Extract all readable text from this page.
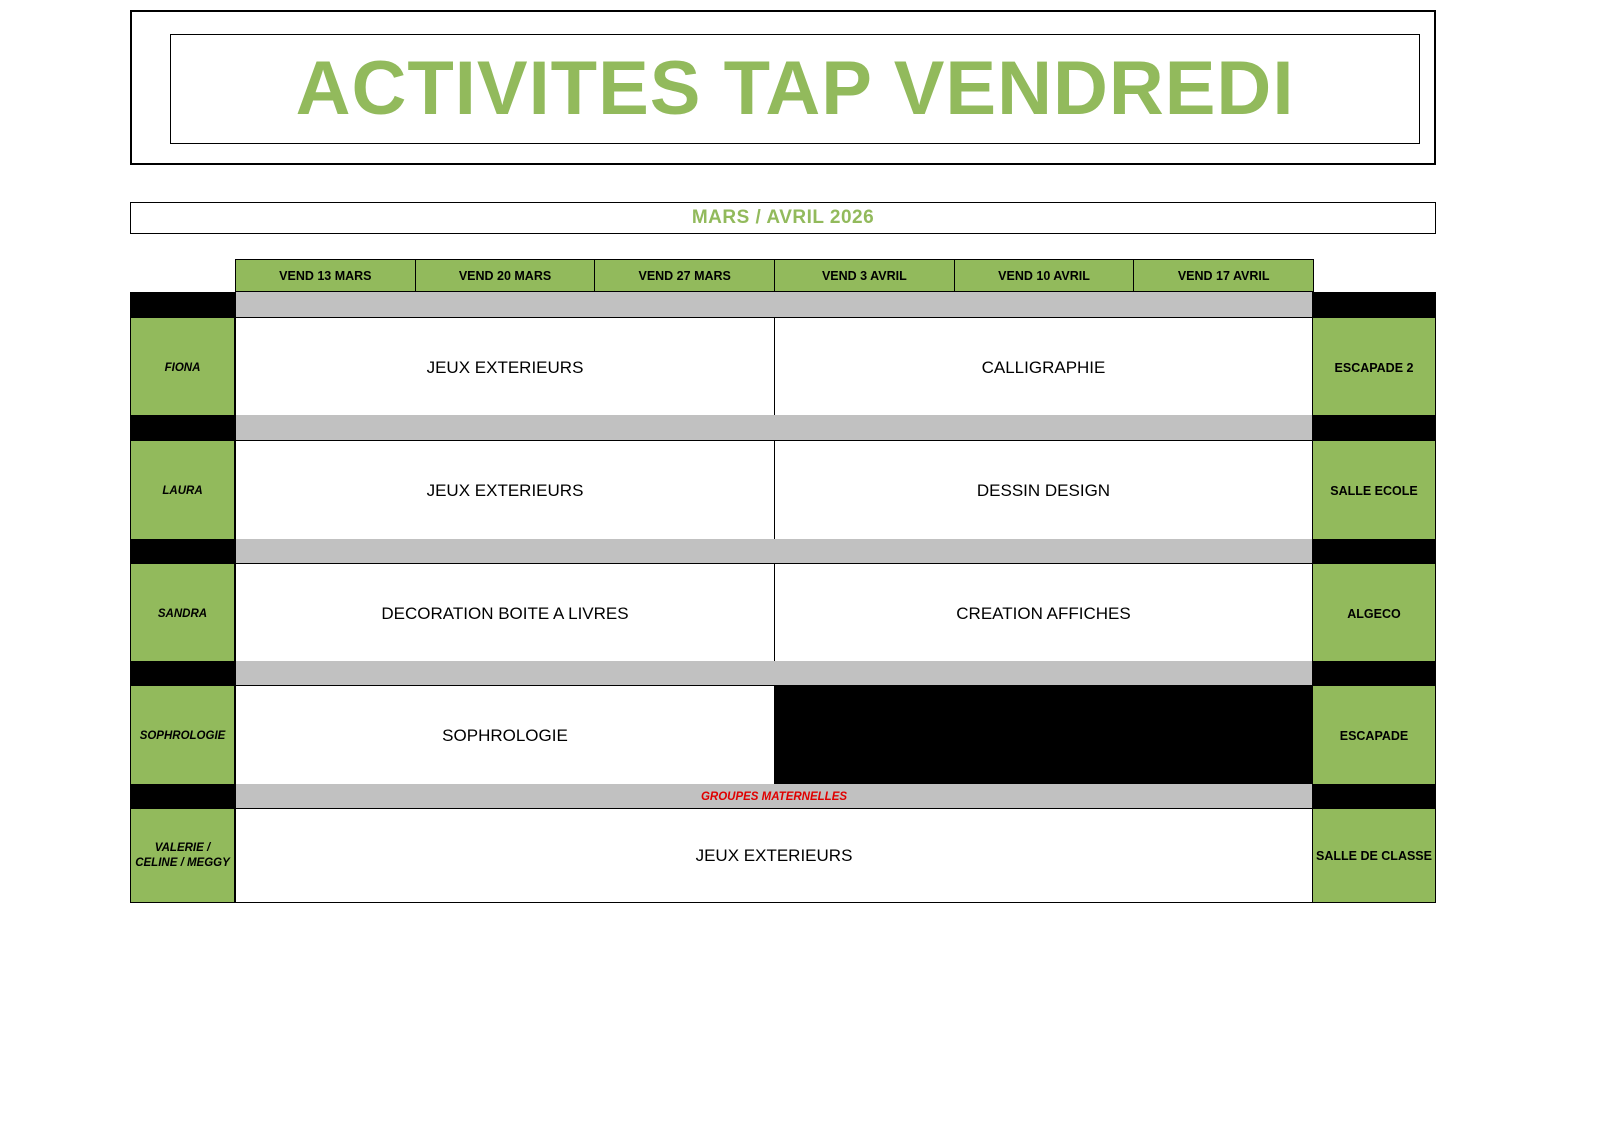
ACTIVITES TAP VENDREDI
MARS / AVRIL 2026
VEND 13 MARS	VEND 20 MARS	VEND 27 MARS	VEND 3 AVRIL	VEND 10 AVRIL	VEND 17 AVRIL
FIONA	JEUX EXTERIEURS	CALLIGRAPHIE	ESCAPADE 2
LAURA	JEUX EXTERIEURS	DESSIN DESIGN	SALLE ECOLE
SANDRA	DECORATION BOITE A LIVRES	CREATION AFFICHES	ALGECO
SOPHROLOGIE	SOPHROLOGIE	ESCAPADE
GROUPES MATERNELLES
VALERIE / CELINE / MEGGY	JEUX EXTERIEURS	SALLE DE CLASSE
